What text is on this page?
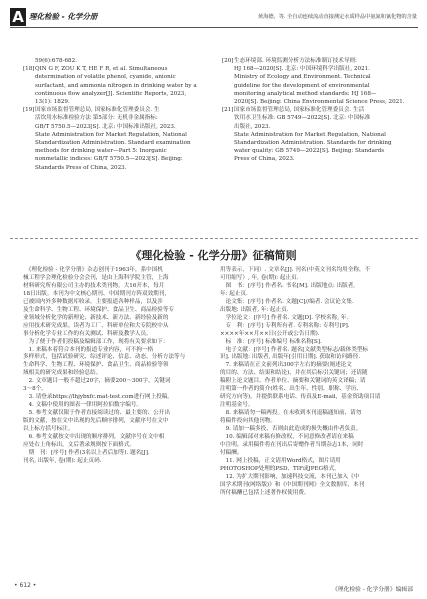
A 理化检验 - 化学分册	黄海德，等. 全自动连续流动直接测定水质样品中氨氮和氰化物的含量
59(6):678-682.
[18] QIN G F, ZOU K T, HE F R, et al. Simultaneous
determination of volatile phenol, cyanide, anionic
surfactant, and ammonia nitrogen in drinking water by a
continuous flow analyzer[J]. Scientific Reports, 2023,
13(1): 1829.
[19] 国家市场监督管理总局, 国家标准化管理委员会. 生
活饮用水标准检验方法 第5部分: 无机非金属指标:
GB/T 5750.5—2023[S]. 北京: 中国标准出版社, 2023.
State Administration for Market Regulation, National
Standardization Administration. Standard examination
methods for drinking water—Part 5: Inorganic
nonmetallic indices: GB/T 5750.5—2023[S]. Beijing:
Standards Press of China, 2023.
[20] 生态环境部. 环境监测分析方法标准制订技术导则:
HJ 168—2020[S]. 北京: 中国环境科学出版社, 2021.
Ministry of Ecology and Environment. Technical
guideline for the development of environmental
monitoring analytical method standards: HJ 168—
2020[S]. Beijing: China Environmental Science Press, 2021.
[21] 国家市场监督管理总局, 国家标准化管理委员会. 生活
饮用水卫生标准: GB 5749—2022[S]. 北京: 中国标准
出版社, 2023.
State Administration for Market Regulation, National
Standardization Administration. Standards for drinking
water quality: GB 5749—2022[S]. Beijing: Standards
Press of China, 2023.
《理化检验 - 化学分册》征稿简则

　《理化检验 - 化学分册》杂志创刊于1963年，系中国机
械工程学会理化检验分会会刊，是由上海科学院主管，上海
材料研究所有限公司主办的技术类刊物，大16开本，每月
18日出版。本刊为中文核心期刊、中国期刊方阵双效期刊，
已被国内外多种数据库收录。主要报道各种样品，以及涉
及生命科学、生物工程、环境保护、食品卫生、商品检验等专
业领域分析化学的新理论、新技术、新方法、新经验及新的
应用技术研究成果。读者为工厂、科研单位和大专院校中从
事分析化学专业工作的有关测试、科研及教学人员。

　为了便于作者们投稿及编辑部工作，现将有关要求如下：

　1. 来稿本着符合本刊的报道专业内容，可不拘一格
多样形式，包括试验研究、综述评论、信息、动态，分析方法等与
生命科学、生物工程、环境保护、食品卫生、商品检验等领
域相关的研究成果和经验总结。

　2. 文章题目一般不超过20字，摘要200～300字，关键词
3～8个。

　3. 请登录https://lhjybxfc.mat-test.com进行网上投稿。

　4. 文稿中使用的图表一律用阿拉伯数字编号。

　5. 参考文献仅限于作者直接阅读过的、最主要的、公开出
版的文献，按在文中出现的先后顺序排列，文献序号在文中
以上标方括号标注。

　6. 参考文献按文中出现的顺序排列，文献序号在文中相
应处右上角标出，文后著录规则按下面格式。

　期　刊：[序号] 作者(3名以上者后加等). 题名[J].
刊名, 出版年, 卷(期): 起止页码.

用等表示，下同）. 文章名[J]. 刊名(中英文刊名均用全称，不
可用缩写）, 年, 卷(期): 起止页.

　图　书：[序号] 作者名. 书名[M]. 出版地点: 出版者,
年: 起止页.

　论文集：[序号] 作者名. 文题[C]//编者. 会议论文集.
出版地: 出版者, 年: 起止页.

　学位论文：[序号] 作者名. 文题[D]. 学校名称, 年.

　专　利：[序号] 专利所有者. 专利名称: 专利号[P].
××××年××月××日(公开或公告日期).

　标　准：[序号] 标准编号 标准名称[S].

　电子文献：[序号] 作者名. 题名[文献类型标志/载体类型标
识]. 出版地: 出版者, 出版年[引用日期]. 获取和访问路径.

　7. 来稿请在正文前列出300字左右的摘要(阐述论文
的目的、方法、结果和结论)，并在其后标引关键词；还请随
稿附上论文题目、作者单位、摘要和关键词的英文译稿；请
注明第一作者的简介(姓名、出生年、性别、职称、学历、
研究方向等)，并提供联系电话、传真及E-mail，基金资助项目请
注明基金号。

　8. 来稿请勿一稿两投。在未收到本刊退稿通知前，请勿
将稿件投向其他刊物。

　9. 请加一稿多投，否则由此造成的损失概由作者负责。

　10. 编辑部对来稿有修改权，不同意修改者请在来稿
中注明。录用稿件将在刊出后寄赠作者当期杂志1本，同时
付稿酬。

　11. 网上投稿，正文请用Word格式，图片请用
PHOTOSHOP处理的PSD、TIF或JPEG格式。

　12. 为扩大期刊影响，加速科技交流，本刊已加入《中
国学术期刊(网络版)》和《中国期刊网》全文数据库，本刊
所付稿酬已包括上述著作权使用费。

《理化检验 - 化学分册》编辑部
• 612 •
